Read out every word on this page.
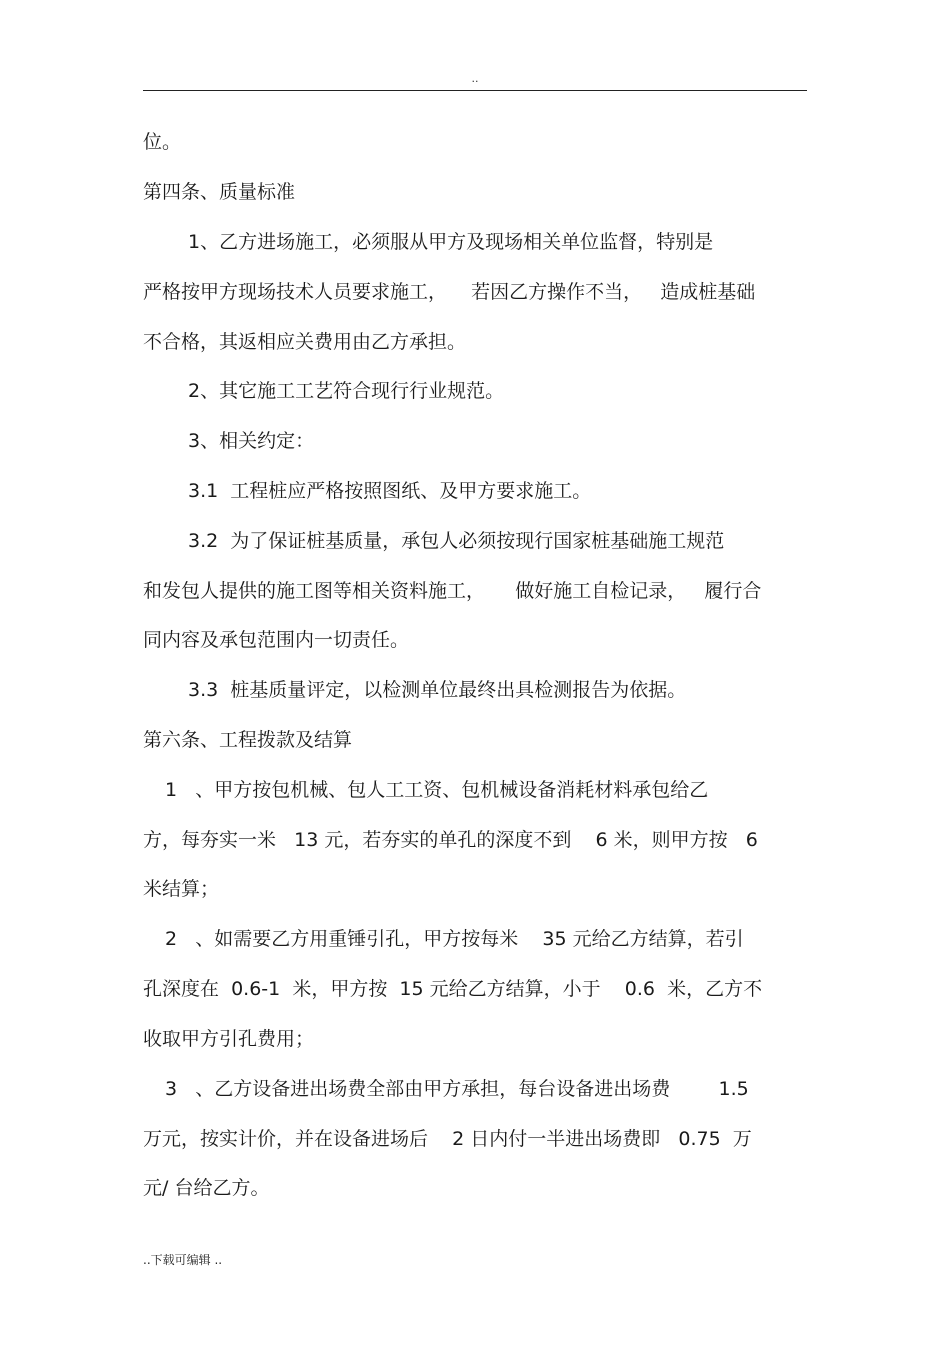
..
位。
第四条、质量标准
1、乙方进场施工，必须服从甲方及现场相关单位监督，特别是
严格按甲方现场技术人员要求施工，    若因乙方操作不当，   造成桩基础
不合格，其返相应关费用由乙方承担。
2、其它施工工艺符合现行行业规范。
3、相关约定：
3.1  工程桩应严格按照图纸、及甲方要求施工。
3.2  为了保证桩基质量，承包人必须按现行国家桩基础施工规范
和发包人提供的施工图等相关资料施工，     做好施工自检记录，   履行合
同内容及承包范围内一切责任。
3.3  桩基质量评定，以检测单位最终出具检测报告为依据。
第六条、工程拨款及结算
1   、甲方按包机械、包人工工资、包机械设备消耗材料承包给乙
方，每夯实一米   13 元，若夯实的单孔的深度不到    6 米，则甲方按   6
米结算；
2   、如需要乙方用重锤引孔，甲方按每米    35 元给乙方结算，若引
孔深度在  0.6-1  米，甲方按  15 元给乙方结算，小于    0.6  米，乙方不
收取甲方引孔费用；
3   、乙方设备进出场费全部由甲方承担，每台设备进出场费        1.5
万元，按实计价，并在设备进场后    2 日内付一半进出场费即   0.75  万
元/ 台给乙方。
..下载可编辑 ..
